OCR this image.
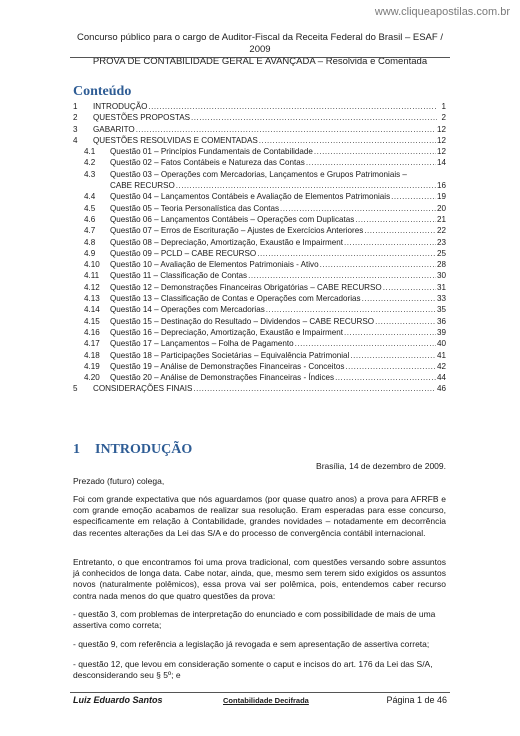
www.cliqueapostilas.com.br
Concurso público para o cargo de Auditor-Fiscal da Receita Federal do Brasil – ESAF / 2009
PROVA DE CONTABILIDADE GERAL E AVANÇADA – Resolvida e Comentada
Conteúdo
1	INTRODUÇÃO .....	1
2	QUESTÕES PROPOSTAS .....	2
3	GABARITO .....	12
4	QUESTÕES RESOLVIDAS E COMENTADAS .....	12
4.1	Questão 01 – Princípios Fundamentais de Contabilidade .....	12
4.2	Questão 02 – Fatos Contábeis e Natureza das Contas .....	14
4.3	Questão 03 – Operações com Mercadorias, Lançamentos e Grupos Patrimoniais –
CABE RECURSO .....	16
4.4	Questão 04 – Lançamentos Contábeis e Avaliação de Elementos Patrimoniais .....	19
4.5	Questão 05 – Teoria Personalística das Contas .....	20
4.6	Questão 06 – Lançamentos Contábeis – Operações com Duplicatas .....	21
4.7	Questão 07 – Erros de Escrituração – Ajustes de Exercícios Anteriores .....	22
4.8	Questão 08 – Depreciação, Amortização, Exaustão e Impairment .....	23
4.9	Questão 09 – PCLD – CABE RECURSO .....	25
4.10	Questão 10 – Avaliação de Elementos Patrimoniais - Ativo .....	28
4.11	Questão 11 – Classificação de Contas .....	30
4.12	Questão 12 – Demonstrações Financeiras Obrigatórias – CABE RECURSO .....	31
4.13	Questão 13 – Classificação de Contas e Operações com Mercadorias .....	33
4.14	Questão 14 – Operações com Mercadorias .....	35
4.15	Questão 15 – Destinação do Resultado – Dividendos – CABE RECURSO .....	36
4.16	Questão 16 – Depreciação, Amortização, Exaustão e Impairment .....	39
4.17	Questão 17 – Lançamentos – Folha de Pagamento .....	40
4.18	Questão 18 – Participações Societárias – Equivalência Patrimonial .....	41
4.19	Questão 19 – Análise de Demonstrações Financeiras - Conceitos .....	42
4.20	Questão 20 – Análise de Demonstrações Financeiras - Índices .....	44
5	CONSIDERAÇÕES FINAIS .....	46
1 INTRODUÇÃO
Brasília, 14 de dezembro de 2009.
Prezado (futuro) colega,
Foi com grande expectativa que nós aguardamos (por quase quatro anos) a prova para AFRFB e com grande emoção acabamos de realizar sua resolução. Eram esperadas para esse concurso, especificamente em relação à Contabilidade, grandes novidades – notadamente em decorrência das recentes alterações da Lei das S/A e do processo de convergência contábil internacional.
Entretanto, o que encontramos foi uma prova tradicional, com questões versando sobre assuntos já conhecidos de longa data. Cabe notar, ainda, que, mesmo sem terem sido exigidos os assuntos novos (naturalmente polêmicos), essa prova vai ser polêmica, pois, entendemos caber recurso contra nada menos do que quatro questões da prova:
- questão 3, com problemas de interpretação do enunciado e com possibilidade de mais de uma assertiva como correta;
- questão 9, com referência a legislação já revogada e sem apresentação de assertiva correta;
- questão 12, que levou em consideração somente o caput e incisos do art. 176 da Lei das S/A, desconsiderando seu § 5º; e
Luiz Eduardo Santos	Contabilidade Decifrada	Página 1 de 46
